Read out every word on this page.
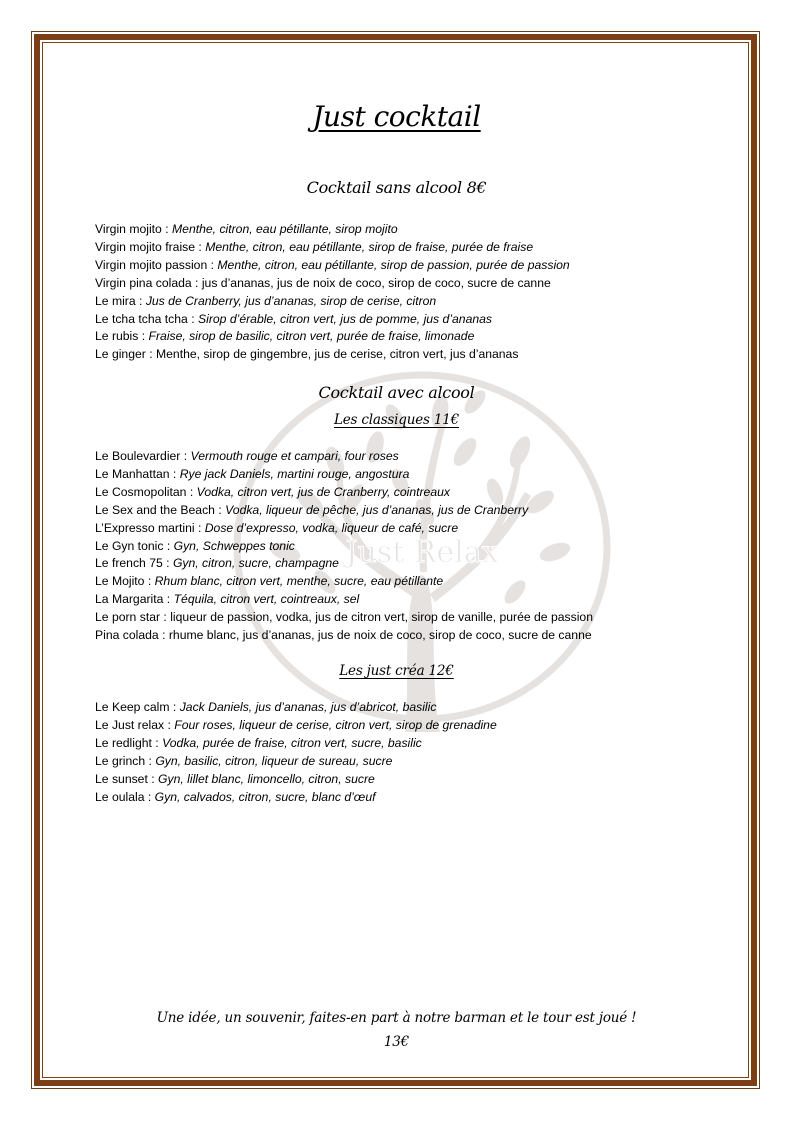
Just Relax
Just cocktail
Cocktail sans alcool 8€
Virgin mojito : Menthe, citron, eau pétillante, sirop mojito
Virgin mojito fraise : Menthe, citron, eau pétillante, sirop de fraise, purée de fraise
Virgin mojito passion : Menthe, citron, eau pétillante, sirop de passion, purée de passion
Virgin pina colada : jus d’ananas, jus de noix de coco, sirop de coco, sucre de canne
Le mira : Jus de Cranberry, jus d’ananas, sirop de cerise, citron
Le tcha tcha tcha : Sirop d’érable, citron vert, jus de pomme, jus d’ananas
Le rubis : Fraise, sirop de basilic, citron vert, purée de fraise, limonade
Le ginger : Menthe, sirop de gingembre, jus de cerise, citron vert, jus d’ananas
Cocktail avec alcool
Les classiques 11€
Le Boulevardier : Vermouth rouge et campari, four roses
Le Manhattan : Rye jack Daniels, martini rouge, angostura
Le Cosmopolitan : Vodka, citron vert, jus de Cranberry, cointreaux
Le Sex and the Beach : Vodka, liqueur de pêche, jus d’ananas, jus de Cranberry
L’Expresso martini : Dose d’expresso, vodka, liqueur de café, sucre
Le Gyn tonic : Gyn, Schweppes tonic
Le french 75 : Gyn, citron, sucre, champagne
Le Mojito : Rhum blanc, citron vert, menthe, sucre, eau pétillante
La Margarita : Téquila, citron vert, cointreaux, sel
Le porn star : liqueur de passion, vodka, jus de citron vert, sirop de vanille, purée de passion
Pina colada : rhume blanc, jus d’ananas, jus de noix de coco, sirop de coco, sucre de canne
Les just créa 12€
Le Keep calm : Jack Daniels, jus d’ananas, jus d’abricot, basilic
Le Just relax : Four roses, liqueur de cerise, citron vert, sirop de grenadine
Le redlight : Vodka, purée de fraise, citron vert, sucre, basilic
Le grinch : Gyn, basilic, citron, liqueur de sureau, sucre
Le sunset : Gyn, lillet blanc, limoncello, citron, sucre
Le oulala : Gyn, calvados, citron, sucre, blanc d’œuf
Une idée, un souvenir, faites-en part à notre barman et le tour est joué !
13€
